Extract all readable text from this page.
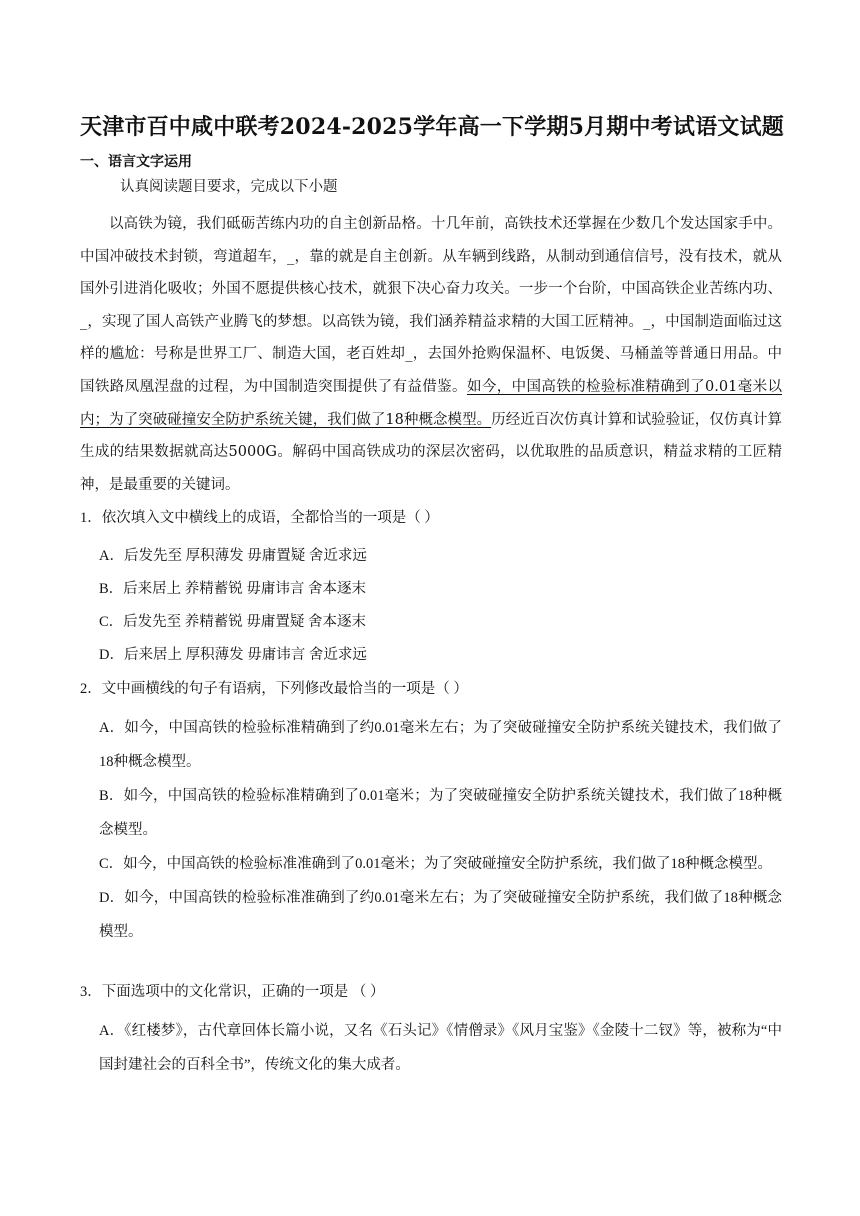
天津市百中咸中联考2024-2025学年高一下学期5月期中考试语文试题
一、语言文字运用
认真阅读题目要求，完成以下小题

以高铁为镜，我们砥砺苦练内功的自主创新品格。十几年前，高铁技术还掌握在少数几个发达国家手中。中国冲破技术封锁，弯道超车，_，靠的就是自主创新。从车辆到线路，从制动到通信信号，没有技术，就从国外引进消化吸收；外国不愿提供核心技术，就狠下决心奋力攻关。一步一个台阶，中国高铁企业苦练内功、_，实现了国人高铁产业腾飞的梦想。以高铁为镜，我们涵养精益求精的大国工匠精神。_，中国制造面临过这样的尴尬：号称是世界工厂、制造大国，老百姓却_，去国外抢购保温杯、电饭煲、马桶盖等普通日用品。中国铁路凤凰涅盘的过程，为中国制造突围提供了有益借鉴。如今，中国高铁的检验标准精确到了0.01毫米以内；为了突破碰撞安全防护系统关键，我们做了18种概念模型。历经近百次仿真计算和试验验证，仅仿真计算生成的结果数据就高达5000G。解码中国高铁成功的深层次密码，以优取胜的品质意识，精益求精的工匠精神，是最重要的关键词。

1．依次填入文中横线上的成语，全都恰当的一项是（ ）
A．后发先至 厚积薄发 毋庸置疑 舍近求远
B．后来居上 养精蓄锐 毋庸讳言 舍本逐末
C．后发先至 养精蓄锐 毋庸置疑 舍本逐末
D．后来居上 厚积薄发 毋庸讳言 舍近求远
2．文中画横线的句子有语病，下列修改最恰当的一项是（ ）
A．如今，中国高铁的检验标准精确到了约0.01毫米左右；为了突破碰撞安全防护系统关键技术，我们做了18种概念模型。
B．如今，中国高铁的检验标准精确到了0.01毫米；为了突破碰撞安全防护系统关键技术，我们做了18种概念模型。
C．如今，中国高铁的检验标准准确到了0.01毫米；为了突破碰撞安全防护系统，我们做了18种概念模型。
D．如今，中国高铁的检验标准准确到了约0.01毫米左右；为了突破碰撞安全防护系统，我们做了18种概念模型。
3．下面选项中的文化常识，正确的一项是 （ ）
A．《红楼梦》，古代章回体长篇小说，又名《石头记》《情僧录》《风月宝鉴》《金陵十二钗》等，被称为“中国封建社会的百科全书”，传统文化的集大成者。
